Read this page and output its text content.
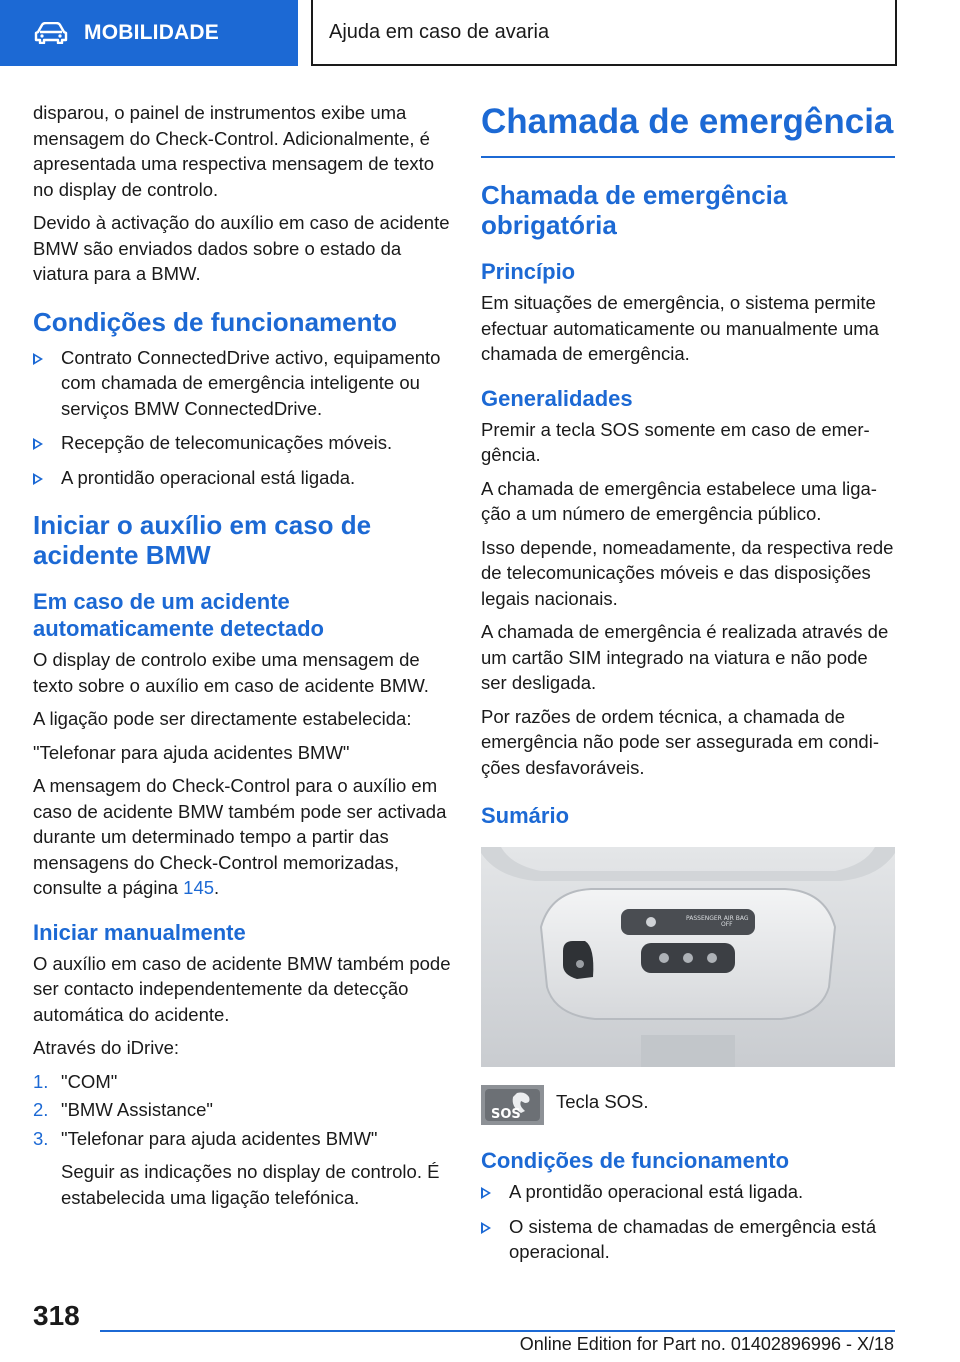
MOBILIDADE	Ajuda em caso de avaria

disparou, o painel de instrumentos exibe uma mensagem do Check-Control. Adicionalmente, é apresentada uma respectiva mensagem de texto no display de controlo.

Devido à activação do auxílio em caso de acidente BMW são enviados dados sobre o estado da viatura para a BMW.

Condições de funcionamento
Contrato ConnectedDrive activo, equipamento com chamada de emergência inteligente ou serviços BMW ConnectedDrive.
Recepção de telecomunicações móveis.
A prontidão operacional está ligada.
Iniciar o auxílio em caso de acidente BMW
Em caso de um acidente automaticamente detectado

O display de controlo exibe uma mensagem de texto sobre o auxílio em caso de acidente BMW.

A ligação pode ser directamente estabelecida:

"Telefonar para ajuda acidentes BMW"

A mensagem do Check-Control para o auxílio em caso de acidente BMW também pode ser activada durante um determinado tempo a partir das mensagens do Check-Control memorizadas, consulte a página 145.

Iniciar manualmente

O auxílio em caso de acidente BMW também pode ser contacto independentemente da detecção automática do acidente.

Através do iDrive:

1. "COM"
2. "BMW Assistance"
3. "Telefonar para ajuda acidentes BMW"

Seguir as indicações no display de controlo. É estabelecida uma ligação telefónica.

Chamada de emergência
Chamada de emergência obrigatória
Princípio

Em situações de emergência, o sistema permite efectuar automaticamente ou manualmente uma chamada de emergência.

Generalidades

Premir a tecla SOS somente em caso de emergência.

A chamada de emergência estabelece uma ligação a um número de emergência público.

Isso depende, nomeadamente, da respectiva rede de telecomunicações móveis e das disposições legais nacionais.

A chamada de emergência é realizada através de um cartão SIM integrado na viatura e não pode ser desligada.

Por razões de ordem técnica, a chamada de emergência não pode ser assegurada em condições desfavoráveis.

Sumário
PASSENGER AIR BAG
OFF
SOS

Tecla SOS.

Condições de funcionamento
A prontidão operacional está ligada.
O sistema de chamadas de emergência está operacional.
318
Online Edition for Part no. 01402896996 - X/18
